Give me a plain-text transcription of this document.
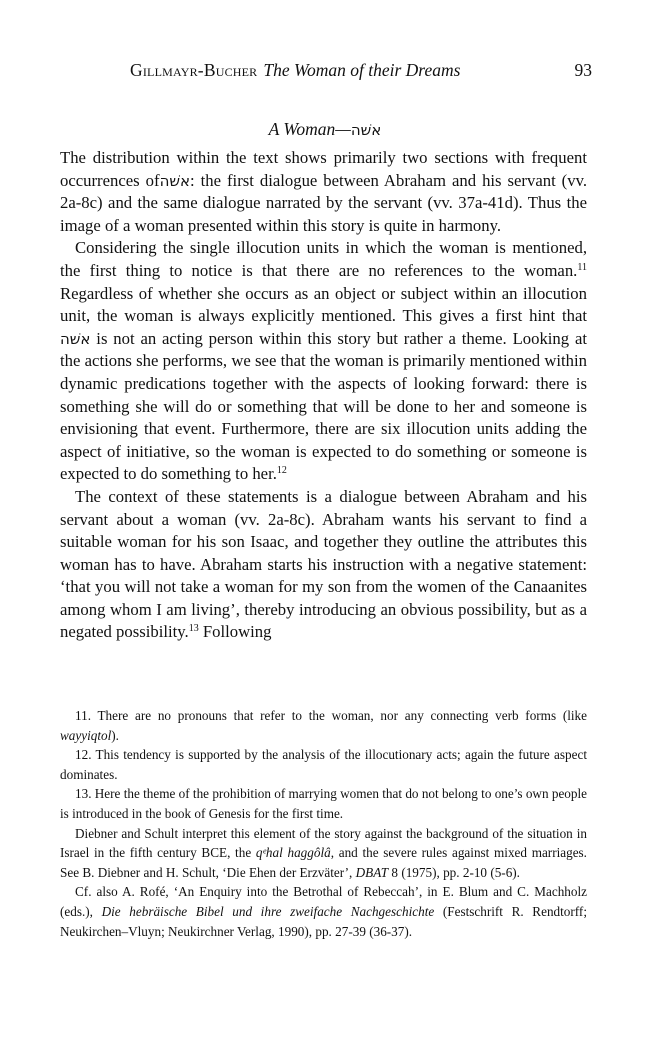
Gillmayr-Bucher The Woman of their Dreams	93
A Woman—אשׁה

The distribution within the text shows primarily two sections with frequent occurrences ofאשׁה: the first dialogue between Abraham and his servant (vv. 2a-8c) and the same dialogue narrated by the servant (vv. 37a-41d). Thus the image of a woman presented within this story is quite in harmony.

Considering the single illocution units in which the woman is mentioned, the first thing to notice is that there are no references to the woman.$^{11}$ Regardless of whether she occurs as an object or subject within an illocution unit, the woman is always explicitly mentioned. This gives a first hint that אשׁה is not an acting person within this story but rather a theme. Looking at the actions she performs, we see that the woman is primarily mentioned within dynamic predications together with the aspects of looking forward: there is something she will do or something that will be done to her and someone is envisioning that event. Furthermore, there are six illocution units adding the aspect of initiative, so the woman is expected to do something or someone is expected to do something to her.$^{12}$

The context of these statements is a dialogue between Abraham and his servant about a woman (vv. 2a-8c). Abraham wants his servant to find a suitable woman for his son Isaac, and together they outline the attributes this woman has to have. Abraham starts his instruction with a negative statement: ‘that you will not take a woman for my son from the women of the Canaanites among whom I am living’, thereby introducing an obvious possibility, but as a negated possibility.$^{13}$ Following

11. There are no pronouns that refer to the woman, nor any connecting verb forms (like wayyiqtol).

12. This tendency is supported by the analysis of the illocutionary acts; again the future aspect dominates.

13. Here the theme of the prohibition of marrying women that do not belong to one’s own people is introduced in the book of Genesis for the first time.

Diebner and Schult interpret this element of the story against the background of the situation in Israel in the fifth century BCE, the qᵉhal haggôlâ, and the severe rules against mixed marriages. See B. Diebner and H. Schult, ‘Die Ehen der Erzväter’, DBAT 8 (1975), pp. 2-10 (5-6).

Cf. also A. Rofé, ‘An Enquiry into the Betrothal of Rebeccah’, in E. Blum and C. Machholz (eds.), Die hebräische Bibel und ihre zweifache Nachgeschichte (Festschrift R. Rendtorff; Neukirchen–Vluyn; Neukirchner Verlag, 1990), pp. 27-39 (36-37).
